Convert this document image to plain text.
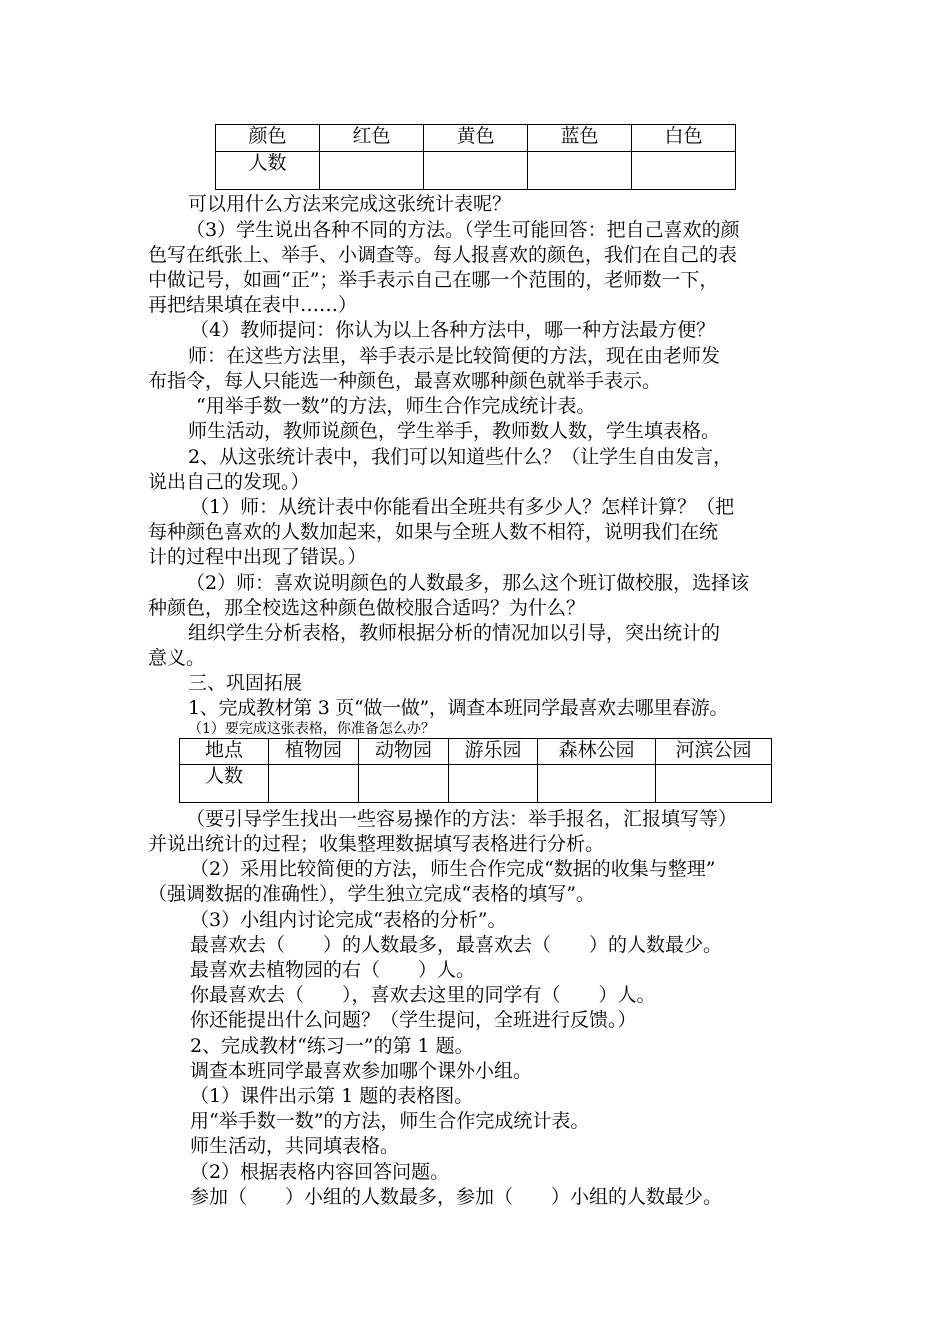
颜色	红色	黄色	蓝色	白色
人数				
可以用什么方法来完成这张统计表呢？
（3）学生说出各种不同的方法。（学生可能回答：把自己喜欢的颜
色写在纸张上、举手、小调查等。每人报喜欢的颜色，我们在自己的表
中做记号，如画“正”；举手表示自己在哪一个范围的，老师数一下，
再把结果填在表中……）
（4）教师提问：你认为以上各种方法中，哪一种方法最方便？
师：在这些方法里，举手表示是比较简便的方法，现在由老师发
布指令，每人只能选一种颜色，最喜欢哪种颜色就举手表示。
“用举手数一数”的方法，师生合作完成统计表。
师生活动，教师说颜色，学生举手，教师数人数，学生填表格。
2、从这张统计表中，我们可以知道些什么？（让学生自由发言，
说出自己的发现。）
（1）师：从统计表中你能看出全班共有多少人？怎样计算？（把
每种颜色喜欢的人数加起来，如果与全班人数不相符，说明我们在统
计的过程中出现了错误。）
（2）师：喜欢说明颜色的人数最多，那么这个班订做校服，选择该
种颜色，那全校选这种颜色做校服合适吗？为什么？
组织学生分析表格，教师根据分析的情况加以引导，突出统计的
意义。
三、巩固拓展
1、完成教材第 3 页“做一做”，调查本班同学最喜欢去哪里春游。
（1）要完成这张表格，你准备怎么办？
地点	植物园	动物园	游乐园	森林公园	河滨公园
人数					
（要引导学生找出一些容易操作的方法：举手报名，汇报填写等）
并说出统计的过程；收集整理数据填写表格进行分析。
（2）采用比较简便的方法，师生合作完成“数据的收集与整理”
（强调数据的准确性），学生独立完成“表格的填写”。
（3）小组内讨论完成“表格的分析”。
最喜欢去（　　）的人数最多，最喜欢去（　　）的人数最少。
最喜欢去植物园的右（　　）人。
你最喜欢去（　　），喜欢去这里的同学有（　　）人。
你还能提出什么问题？（学生提问，全班进行反馈。）
2、完成教材“练习一”的第 1 题。
调查本班同学最喜欢参加哪个课外小组。
（1）课件出示第 1 题的表格图。
用“举手数一数”的方法，师生合作完成统计表。
师生活动，共同填表格。
（2）根据表格内容回答问题。
参加（　　）小组的人数最多，参加（　　）小组的人数最少。
